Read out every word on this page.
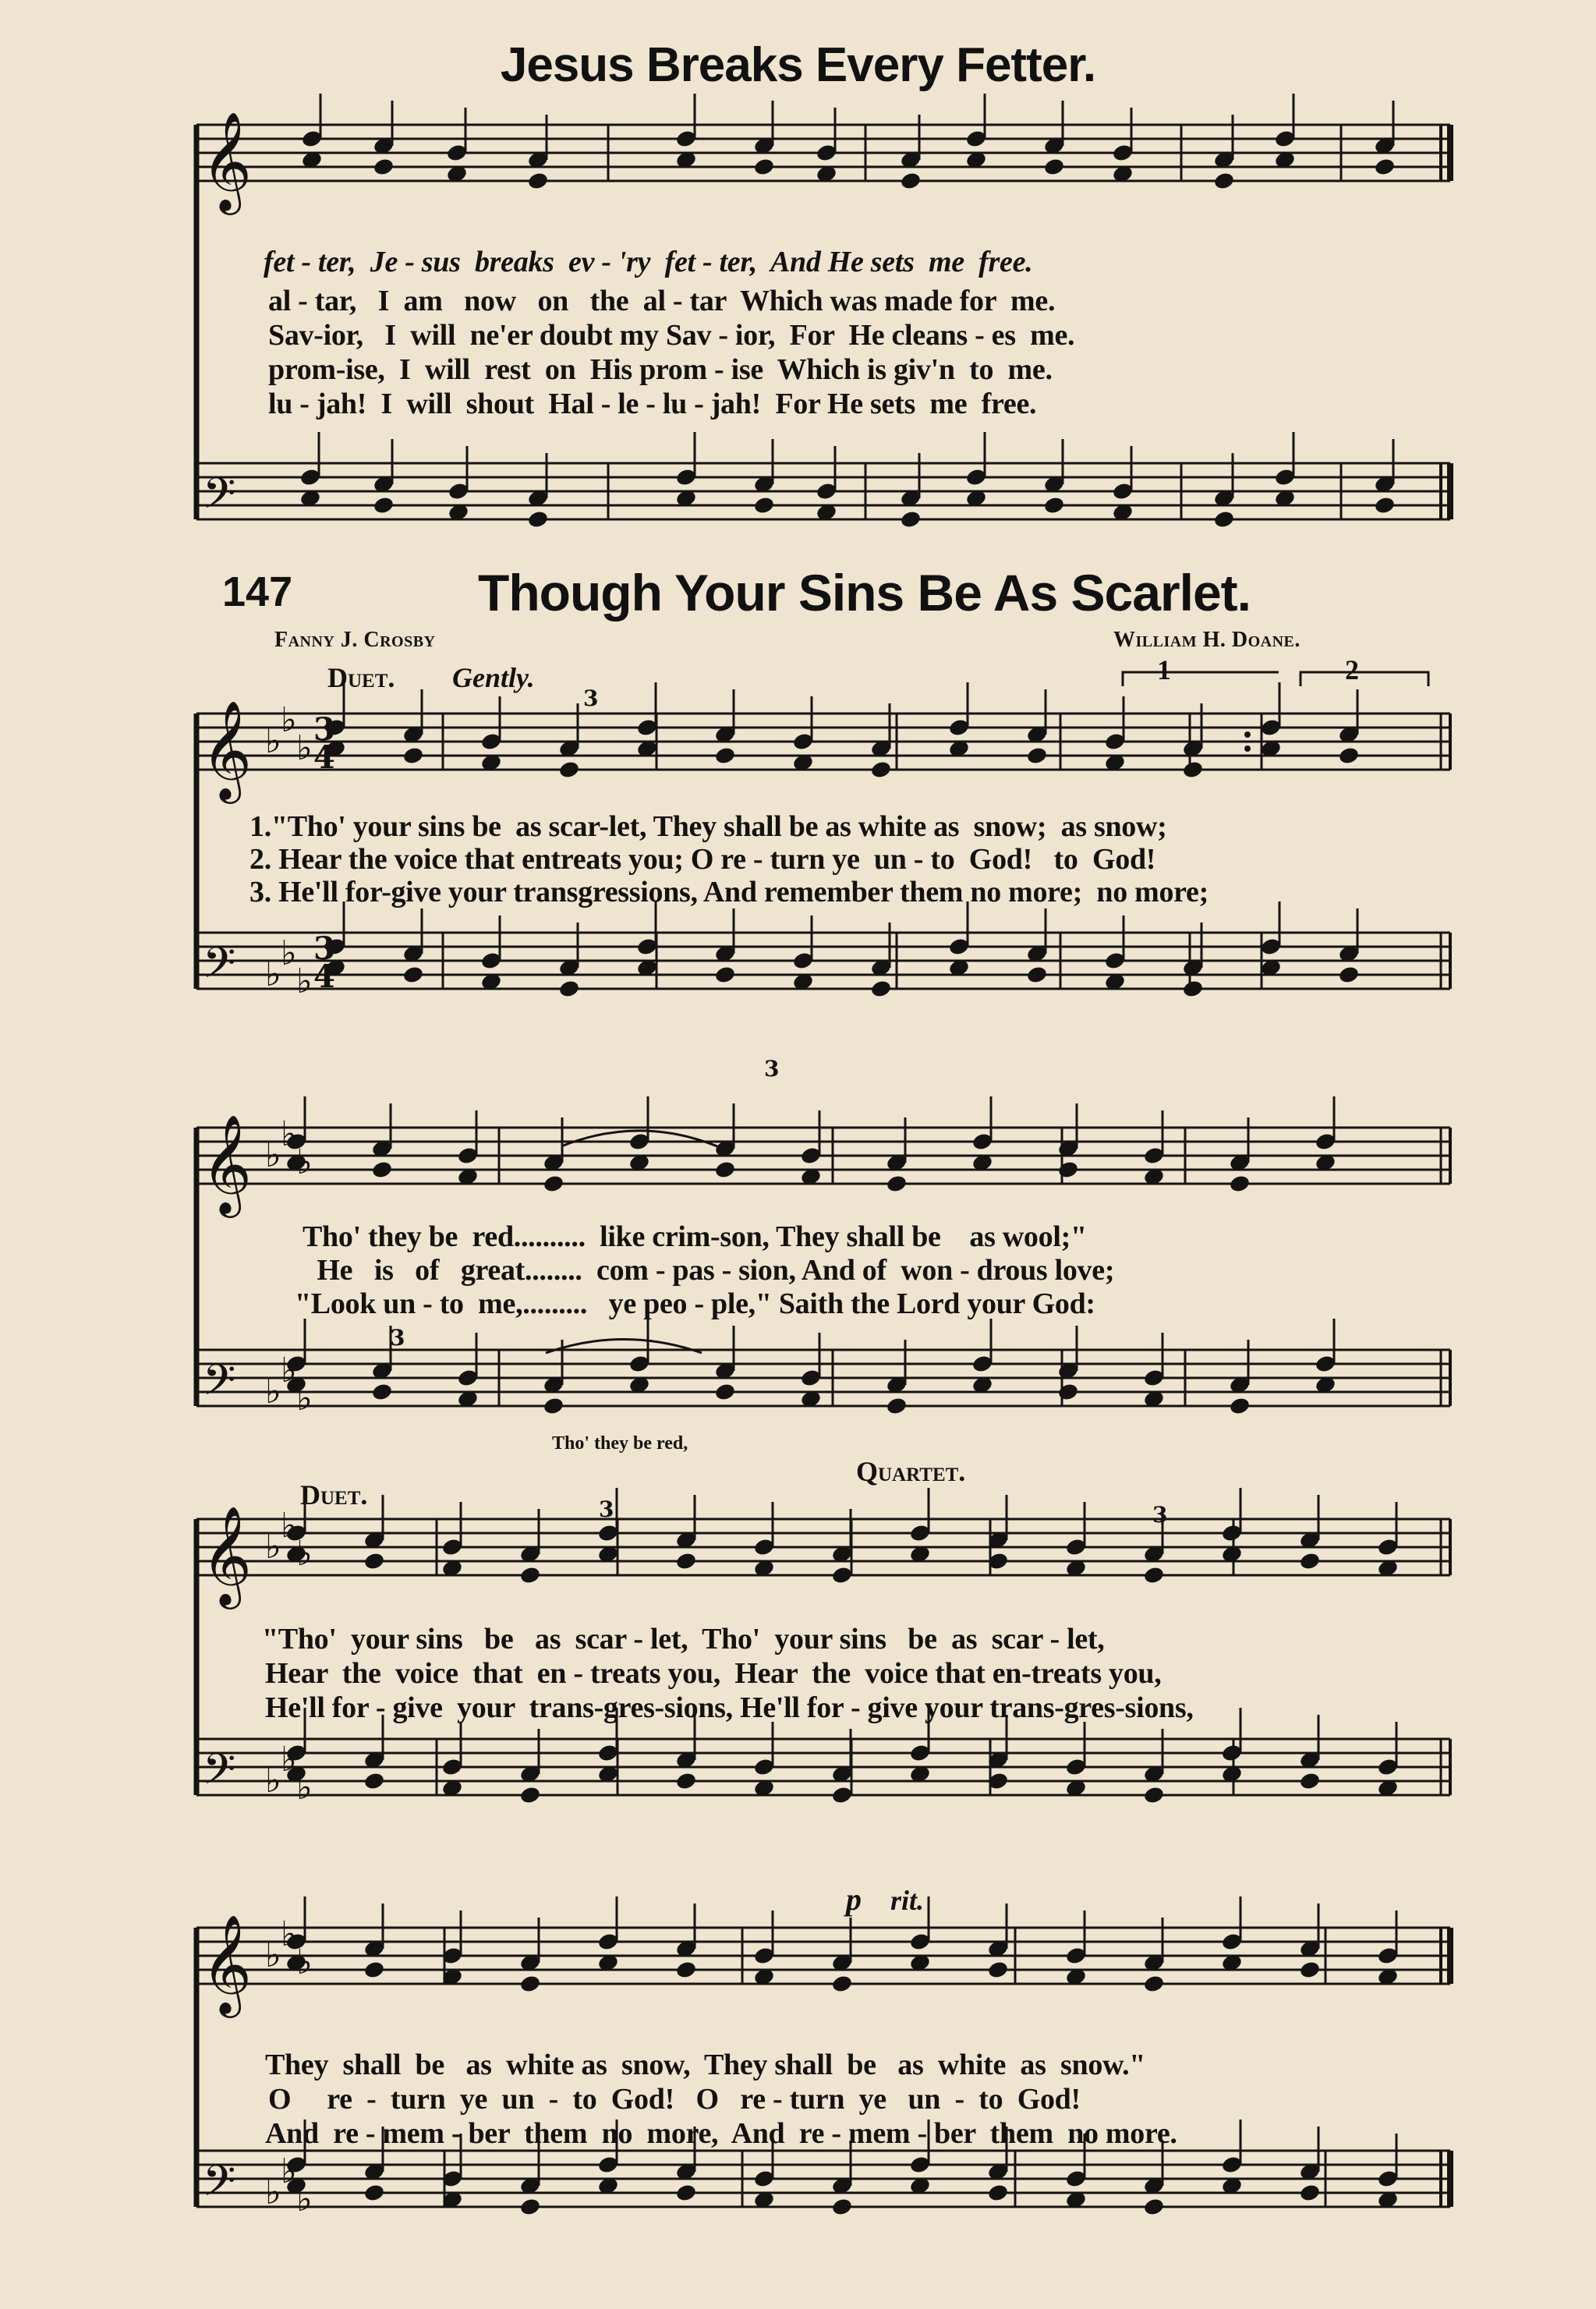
𝄞
𝄢
𝄞
𝄢
𝄞
𝄢
𝄞
𝄢
𝄞
𝄢
♭
♭
♭
♭
♭
♭
♭
♭
♭
♭
♭
♭
♭
♭
♭
♭
♭
♭
♭
♭
♭
♭
♭
♭
3
4
3
4
3
3
3
3	3
Jesus Breaks Every Fetter.
fet - ter,  Je - sus  breaks  ev - 'ry  fet - ter,  And He sets  me  free.
al - tar,   I  am   now   on   the  al - tar  Which was made for  me.
Sav-ior,   I  will  ne'er doubt my Sav - ior,  For  He cleans - es  me.
prom-ise,  I  will  rest  on  His prom - ise  Which is giv'n  to  me.
lu - jah!  I  will  shout  Hal - le - lu - jah!  For He sets  me  free.
147	Though Your Sins Be As Scarlet.
Fanny J. Crosby	William H. Doane.
Duet. Gently.	1	2
1."Tho' your sins be  as scar-let, They shall be as white as  snow;  as snow;
2. Hear the voice that entreats you; O re - turn ye  un - to  God!   to  God!
3. He'll for-give your transgressions, And remember them no more;  no more;
Tho' they be  red..........  like crim-son, They shall be    as wool;"
He   is   of   great........  com - pas - sion, And of  won - drous love;
"Look un - to  me,.........   ye peo - ple," Saith the Lord your God:
Tho' they be red,
Duet.
Quartet.
"Tho'  your sins   be   as  scar - let,  Tho'  your sins   be  as  scar - let,
Hear  the  voice  that  en - treats you,  Hear  the  voice that en-treats you,
He'll for - give  your  trans-gres-sions, He'll for - give your trans-gres-sions,
p rit.
They  shall  be   as  white as  snow,  They shall  be   as  white  as  snow."
O     re  -  turn  ye  un  -  to  God!   O   re - turn  ye   un  -  to  God!
And  re - mem - ber  them  no  more,  And  re - mem - ber  them  no more.
